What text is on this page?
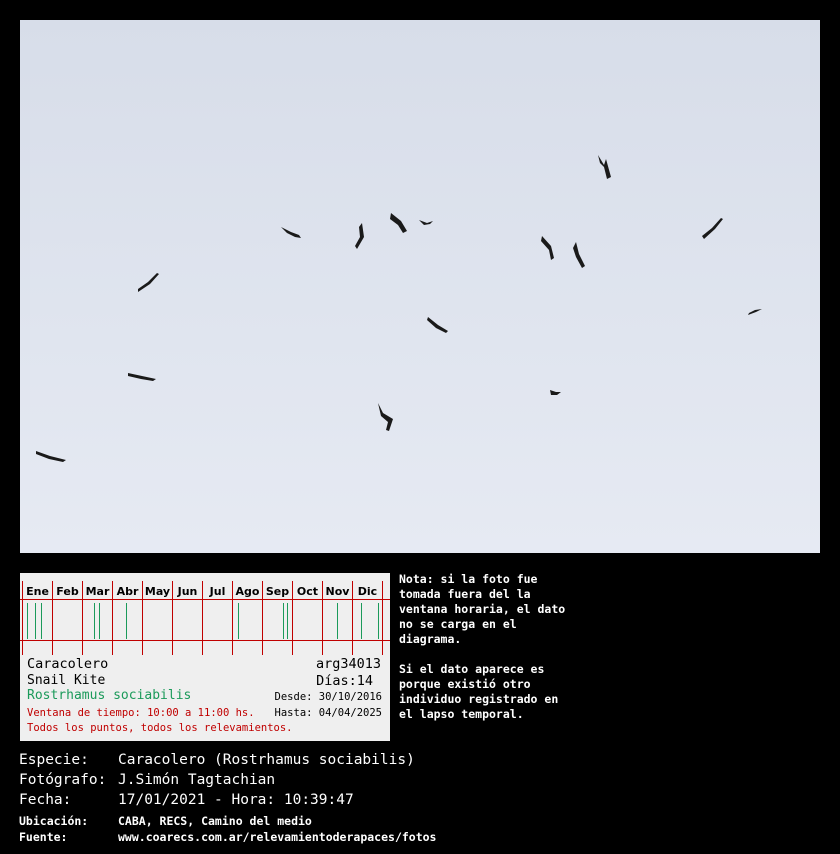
Ene Feb Mar Abr May Jun	Jul Ago Sep Oct Nov Dic
Caracolero	arg34013
Snail Kite	Días:14
Rostrhamus sociabilis	Desde: 30/10/2016
Ventana de tiempo: 10:00 a 11:00 hs. Hasta: 04/04/2025
Todos los puntos, todos los relevamientos.

Nota: si la foto fue tomada fuera del la ventana horaria, el dato no se carga en el diagrama.

Si el dato aparece es porque existió otro individuo registrado en el lapso temporal.

Especie: Caracolero (Rostrhamus sociabilis)
Fotógrafo: J.Simón Tagtachian
Fecha:	17/01/2021 - Hora: 10:39:47
Ubicación:	CABA, RECS, Camino del medio
Fuente:	www.coarecs.com.ar/relevamientoderapaces/fotos
